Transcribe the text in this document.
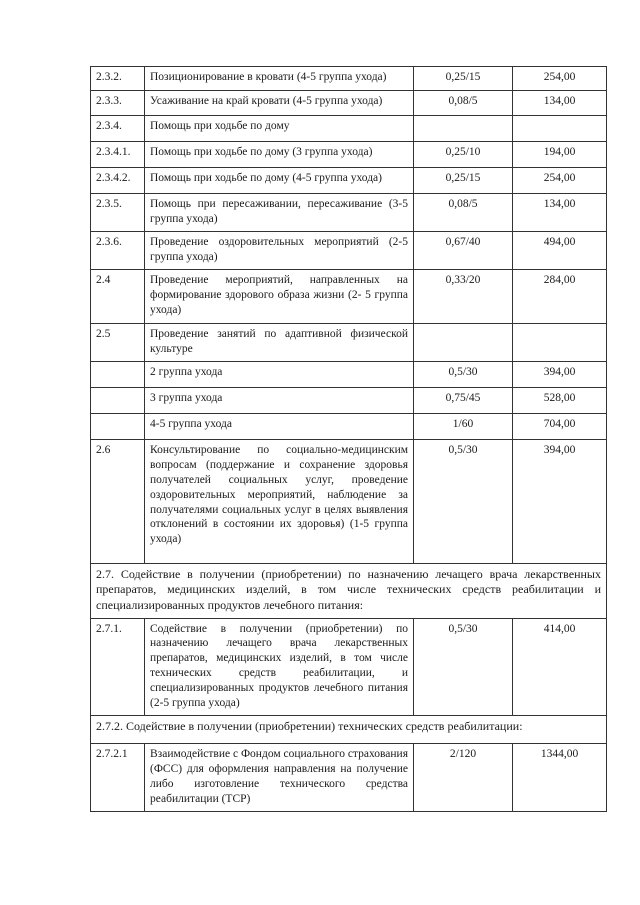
2.3.2.	Позиционирование в кровати (4-5 группа ухода)	0,25/15	254,00
2.3.3.	Усаживание на край кровати (4-5 группа ухода)	0,08/5	134,00
2.3.4.	Помощь при ходьбе по дому		
2.3.4.1.	Помощь при ходьбе по дому (3 группа ухода)	0,25/10	194,00
2.3.4.2.	Помощь при ходьбе по дому (4-5 группа ухода)	0,25/15	254,00
2.3.5.	Помощь при пересаживании, пересаживание (3-5 группа ухода)	0,08/5	134,00
2.3.6.	Проведение оздоровительных мероприятий (2-5 группа ухода)	0,67/40	494,00
2.4	Проведение мероприятий, направленных на формирование здорового образа жизни (2- 5 группа ухода)	0,33/20	284,00
2.5	Проведение занятий по адаптивной физической культуре		
	2 группа ухода	0,5/30	394,00
	3 группа ухода	0,75/45	528,00
	4-5 группа ухода	1/60	704,00
2.6	Консультирование по социально-медицинским вопросам (поддержание и сохранение здоровья получателей социальных услуг, проведение оздоровительных мероприятий, наблюдение за получателями социальных услуг в целях выявления отклонений в состоянии их здоровья) (1-5 группа ухода)	0,5/30	394,00
2.7. Содействие в получении (приобретении) по назначению лечащего врача лекарственных препаратов, медицинских изделий, в том числе технических средств реабилитации и специализированных продуктов лечебного питания:			
2.7.1.	Содействие в получении (приобретении) по назначению лечащего врача лекарственных препаратов, медицинских изделий, в том числе технических средств реабилитации, и специализированных продуктов лечебного питания (2-5 группа ухода)	0,5/30	414,00
2.7.2. Содействие в получении (приобретении) технических средств реабилитации:			
2.7.2.1	Взаимодействие с Фондом социального страхования (ФСС) для оформления направления на получение либо изготовление технического средства реабилитации (ТСР)	2/120	1344,00
